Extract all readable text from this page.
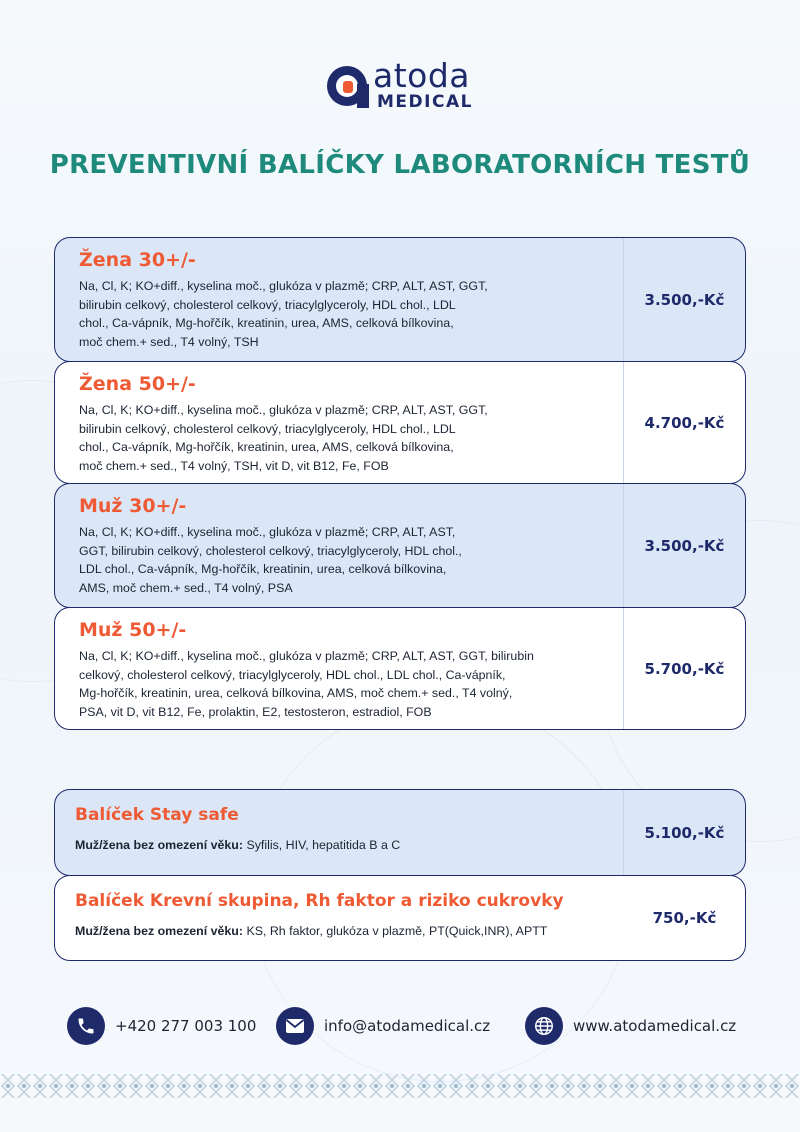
atoda
MEDICAL
PREVENTIVNÍ BALÍČKY LABORATORNÍCH TESTŮ
Žena 30+/-
Na, Cl, K; KO+diff., kyselina moč., glukóza v plazmě; CRP, ALT, AST, GGT,
bilirubin celkový, cholesterol celkový, triacylglyceroly, HDL chol., LDL
chol., Ca-vápník, Mg-hořčík, kreatinin, urea, AMS, celková bílkovina,
moč chem.+ sed., T4 volný, TSH
3.500,-Kč
Žena 50+/-
Na, Cl, K; KO+diff., kyselina moč., glukóza v plazmě; CRP, ALT, AST, GGT,
bilirubin celkový, cholesterol celkový, triacylglyceroly, HDL chol., LDL
chol., Ca-vápník, Mg-hořčík, kreatinin, urea, AMS, celková bílkovina,
moč chem.+ sed., T4 volný, TSH, vit D, vit B12, Fe, FOB
4.700,-Kč
Muž 30+/-
Na, Cl, K; KO+diff., kyselina moč., glukóza v plazmě; CRP, ALT, AST,
GGT, bilirubin celkový, cholesterol celkový, triacylglyceroly, HDL chol.,
LDL chol., Ca-vápník, Mg-hořčík, kreatinin, urea, celková bílkovina,
AMS, moč chem.+ sed., T4 volný, PSA
3.500,-Kč
Muž 50+/-
Na, Cl, K; KO+diff., kyselina moč., glukóza v plazmě; CRP, ALT, AST, GGT, bilirubin
celkový, cholesterol celkový, triacylglyceroly, HDL chol., LDL chol., Ca-vápník,
Mg-hořčík, kreatinin, urea, celková bílkovina, AMS, moč chem.+ sed., T4 volný,
PSA, vit D, vit B12, Fe, prolaktin, E2, testosteron, estradiol, FOB
5.700,-Kč
Balíček Stay safe
Muž/žena bez omezení věku: Syfilis, HIV, hepatitida B a C
5.100,-Kč
Balíček Krevní skupina, Rh faktor a riziko cukrovky
Muž/žena bez omezení věku: KS, Rh faktor, glukóza v plazmě, PT(Quick,INR), APTT
750,-Kč
+420 277 003 100	info@atodamedical.cz	www.atodamedical.cz
